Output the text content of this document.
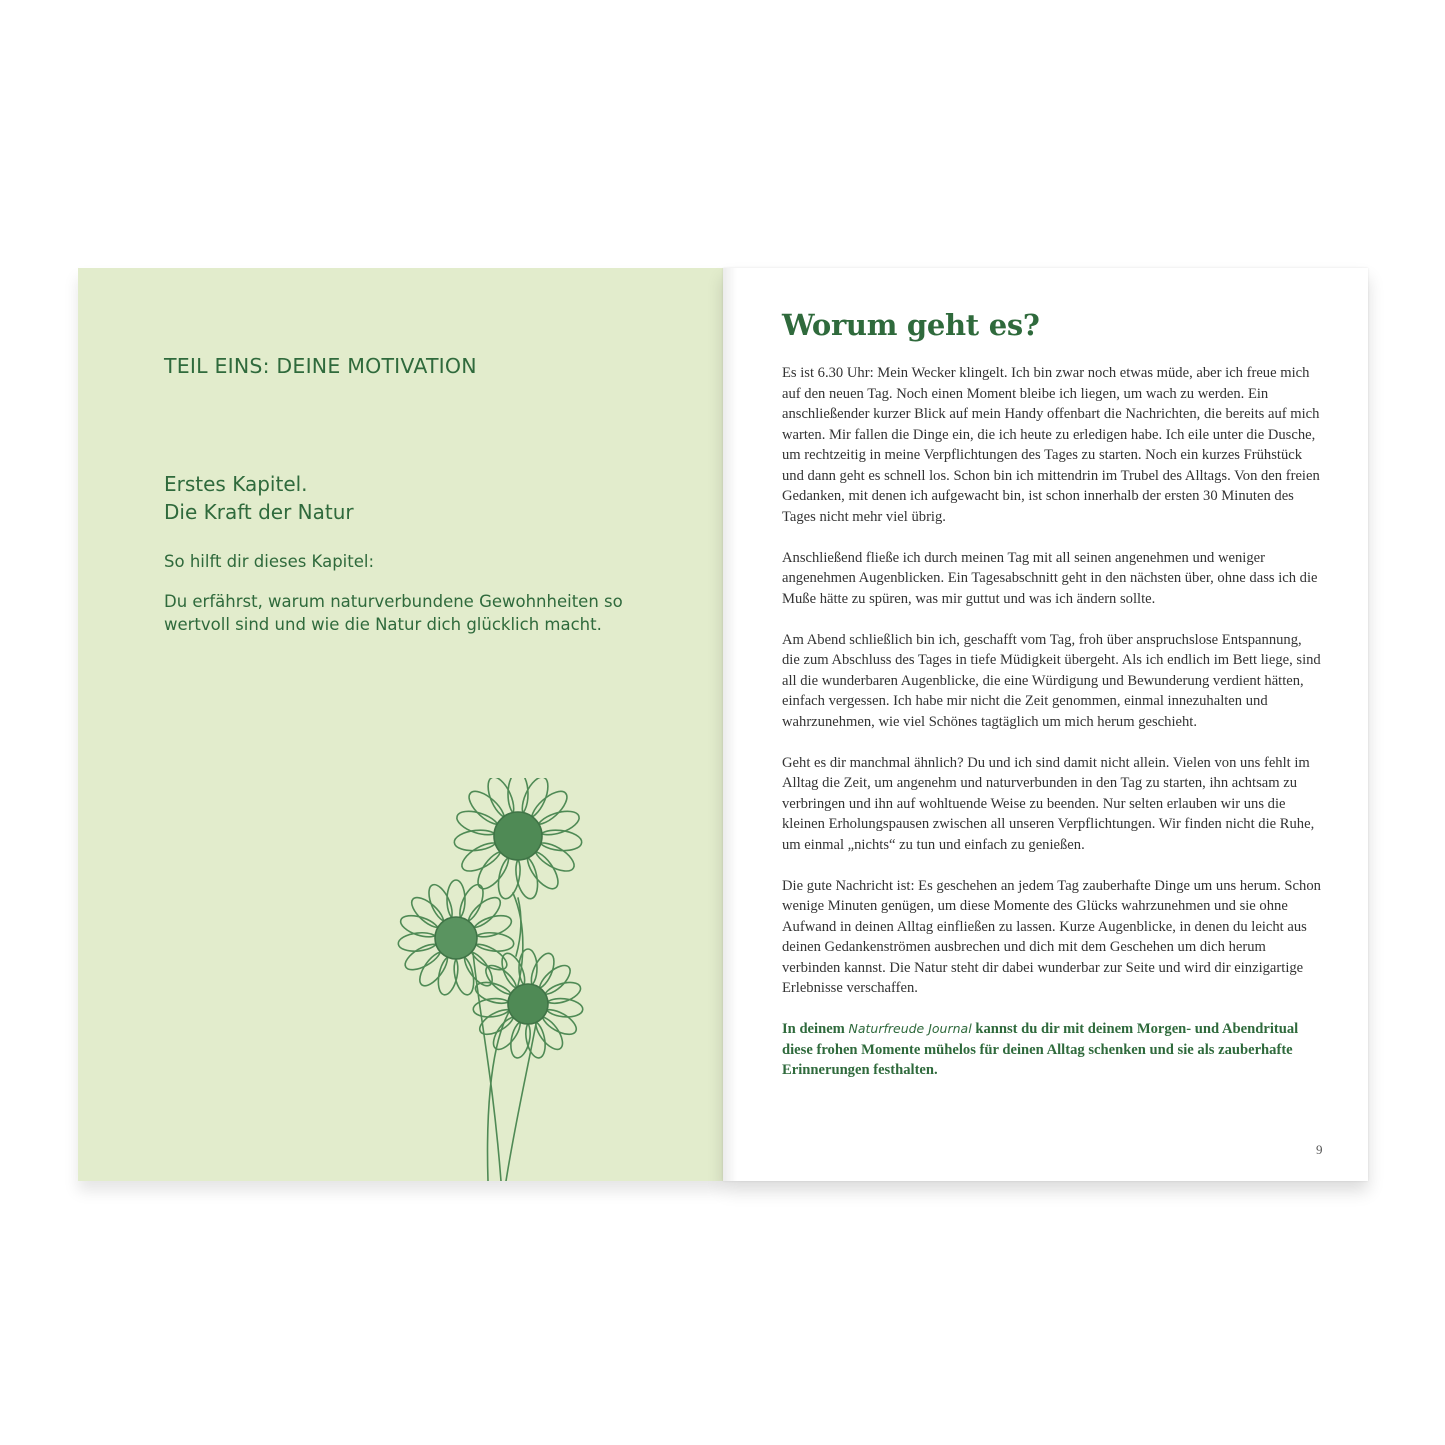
TEIL EINS: DEINE MOTIVATION
Erstes Kapitel.
Die Kraft der Natur

So hilft dir dieses Kapitel:

Du erfährst, warum naturverbundene Gewohnheiten so wertvoll sind und wie die Natur dich glücklich macht.

Worum geht es?

Es ist 6.30 Uhr: Mein Wecker klingelt. Ich bin zwar noch etwas müde, aber ich freue mich auf den neuen Tag. Noch einen Moment bleibe ich liegen, um wach zu werden. Ein anschließender kurzer Blick auf mein Handy offenbart die Nachrichten, die bereits auf mich warten. Mir fallen die Dinge ein, die ich heute zu erledigen habe. Ich eile unter die Dusche, um rechtzeitig in meine Verpflichtungen des Tages zu starten. Noch ein kurzes Frühstück und dann geht es schnell los. Schon bin ich mittendrin im Trubel des Alltags. Von den freien Gedanken, mit denen ich aufgewacht bin, ist schon innerhalb der ersten 30 Minuten des Tages nicht mehr viel übrig.

Anschließend fließe ich durch meinen Tag mit all seinen angenehmen und weniger angenehmen Augenblicken. Ein Tagesabschnitt geht in den nächsten über, ohne dass ich die Muße hätte zu spüren, was mir guttut und was ich ändern sollte.

Am Abend schließlich bin ich, geschafft vom Tag, froh über anspruchslose Entspannung, die zum Abschluss des Tages in tiefe Müdigkeit übergeht. Als ich endlich im Bett liege, sind all die wunderbaren Augenblicke, die eine Würdigung und Bewunderung verdient hätten, einfach vergessen. Ich habe mir nicht die Zeit genommen, einmal innezuhalten und wahrzunehmen, wie viel Schönes tagtäglich um mich herum geschieht.

Geht es dir manchmal ähnlich? Du und ich sind damit nicht allein. Vielen von uns fehlt im Alltag die Zeit, um angenehm und naturverbunden in den Tag zu starten, ihn achtsam zu verbringen und ihn auf wohltuende Weise zu beenden. Nur selten erlauben wir uns die kleinen Erholungspausen zwischen all unseren Verpflichtungen. Wir finden nicht die Ruhe, um einmal „nichts“ zu tun und einfach zu genießen.

Die gute Nachricht ist: Es geschehen an jedem Tag zauberhafte Dinge um uns herum. Schon wenige Minuten genügen, um diese Momente des Glücks wahrzunehmen und sie ohne Aufwand in deinen Alltag einfließen zu lassen. Kurze Augenblicke, in denen du leicht aus deinen Gedankenströmen ausbrechen und dich mit dem Geschehen um dich herum verbinden kannst. Die Natur steht dir dabei wunderbar zur Seite und wird dir einzigartige Erlebnisse verschaffen.

In deinem Naturfreude Journal kannst du dir mit deinem Morgen- und Abendritual diese frohen Momente mühelos für deinen Alltag schenken und sie als zauberhafte Erinnerungen festhalten.

9
